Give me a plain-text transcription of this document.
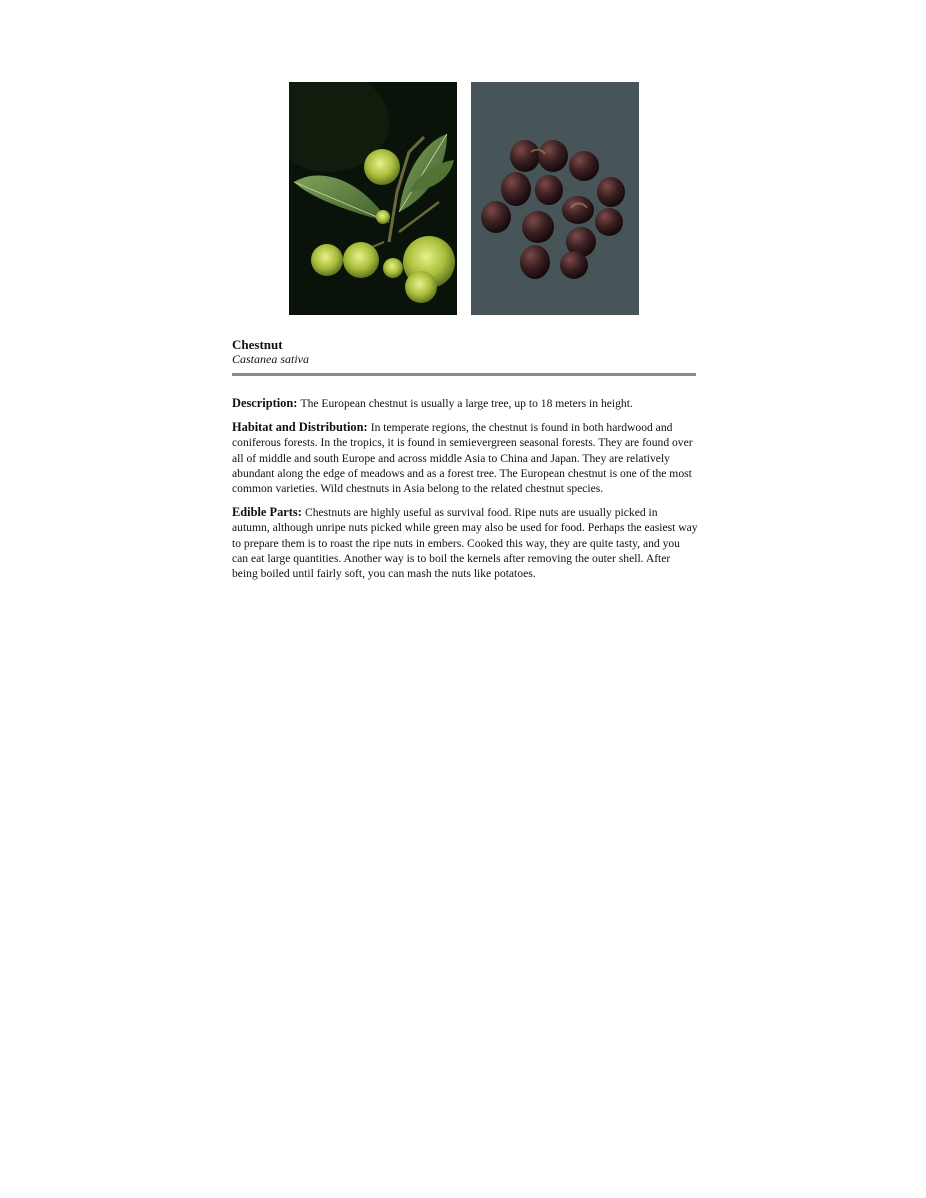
Chestnut

Castanea sativa

Description: The European chestnut is usually a large tree, up to 18 meters in height.

Habitat and Distribution: In temperate regions, the chestnut is found in both hardwood and coniferous forests. In the tropics, it is found in semievergreen seasonal forests. They are found over all of middle and south Europe and across middle Asia to China and Japan. They are relatively abundant along the edge of meadows and as a forest tree. The European chestnut is one of the most common varieties. Wild chestnuts in Asia belong to the related chestnut species.

Edible Parts: Chestnuts are highly useful as survival food. Ripe nuts are usually picked in autumn, although unripe nuts picked while green may also be used for food. Perhaps the easiest way to prepare them is to roast the ripe nuts in embers. Cooked this way, they are quite tasty, and you can eat large quantities. Another way is to boil the kernels after removing the outer shell. After being boiled until fairly soft, you can mash the nuts like potatoes.
